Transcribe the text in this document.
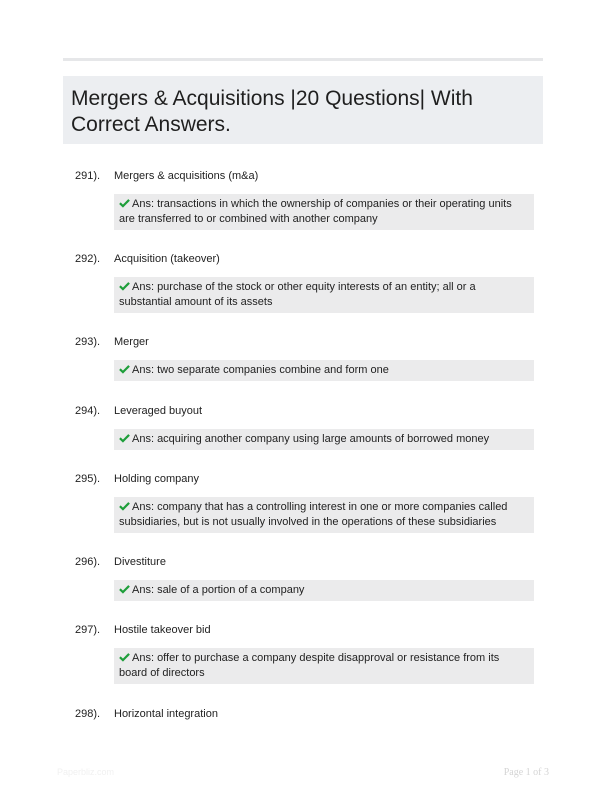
Mergers & Acquisitions |20 Questions| With Correct Answers.
291). Mergers & acquisitions (m&a)
Ans: transactions in which the ownership of companies or their operating units are transferred to or combined with another company
292). Acquisition (takeover)
Ans: purchase of the stock or other equity interests of an entity; all or a substantial amount of its assets
293). Merger
Ans: two separate companies combine and form one
294). Leveraged buyout
Ans: acquiring another company using large amounts of borrowed money
295). Holding company
Ans: company that has a controlling interest in one or more companies called subsidiaries, but is not usually involved in the operations of these subsidiaries
296). Divestiture
Ans: sale of a portion of a company
297). Hostile takeover bid
Ans: offer to purchase a company despite disapproval or resistance from its board of directors
298). Horizontal integration
Paperbliz.com	Page 1 of 3
